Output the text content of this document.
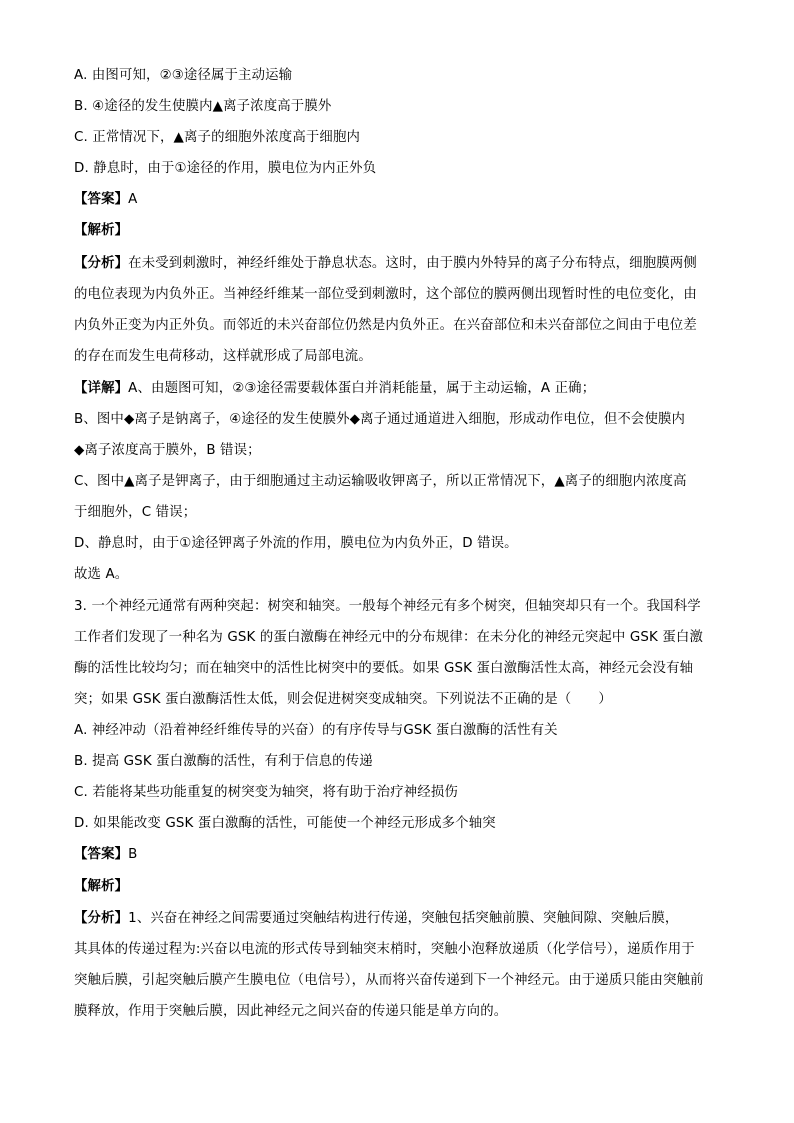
A. 由图可知，②③途径属于主动运输
B. ④途径的发生使膜内▲离子浓度高于膜外
C. 正常情况下，▲离子的细胞外浓度高于细胞内
D. 静息时，由于①途径的作用，膜电位为内正外负
【答案】A
【解析】
【分析】在未受到刺激时，神经纤维处于静息状态。这时，由于膜内外特异的离子分布特点，细胞膜两侧
的电位表现为内负外正。当神经纤维某一部位受到刺激时，这个部位的膜两侧出现暂时性的电位变化，由
内负外正变为内正外负。而邻近的未兴奋部位仍然是内负外正。在兴奋部位和未兴奋部位之间由于电位差
的存在而发生电荷移动，这样就形成了局部电流。
【详解】A、由题图可知，②③途径需要载体蛋白并消耗能量，属于主动运输，A 正确；
B、图中◆离子是钠离子，④途径的发生使膜外◆离子通过通道进入细胞，形成动作电位，但不会使膜内
◆离子浓度高于膜外，B 错误；
C、图中▲离子是钾离子，由于细胞通过主动运输吸收钾离子，所以正常情况下，▲离子的细胞内浓度高
于细胞外，C 错误；
D、静息时，由于①途径钾离子外流的作用，膜电位为内负外正，D 错误。
故选 A。
3. 一个神经元通常有两种突起：树突和轴突。一般每个神经元有多个树突，但轴突却只有一个。我国科学
工作者们发现了一种名为 GSK 的蛋白激酶在神经元中的分布规律：在未分化的神经元突起中 GSK 蛋白激
酶的活性比较均匀；而在轴突中的活性比树突中的要低。如果 GSK 蛋白激酶活性太高，神经元会没有轴
突；如果 GSK 蛋白激酶活性太低，则会促进树突变成轴突。下列说法不正确的是（　　）
A. 神经冲动（沿着神经纤维传导的兴奋）的有序传导与GSK 蛋白激酶的活性有关
B. 提高 GSK 蛋白激酶的活性，有利于信息的传递
C. 若能将某些功能重复的树突变为轴突，将有助于治疗神经损伤
D. 如果能改变 GSK 蛋白激酶的活性，可能使一个神经元形成多个轴突
【答案】B
【解析】
【分析】1、兴奋在神经之间需要通过突触结构进行传递，突触包括突触前膜、突触间隙、突触后膜，
其具体的传递过程为:兴奋以电流的形式传导到轴突末梢时，突触小泡释放递质（化学信号），递质作用于
突触后膜，引起突触后膜产生膜电位（电信号），从而将兴奋传递到下一个神经元。由于递质只能由突触前
膜释放，作用于突触后膜，因此神经元之间兴奋的传递只能是单方向的。
